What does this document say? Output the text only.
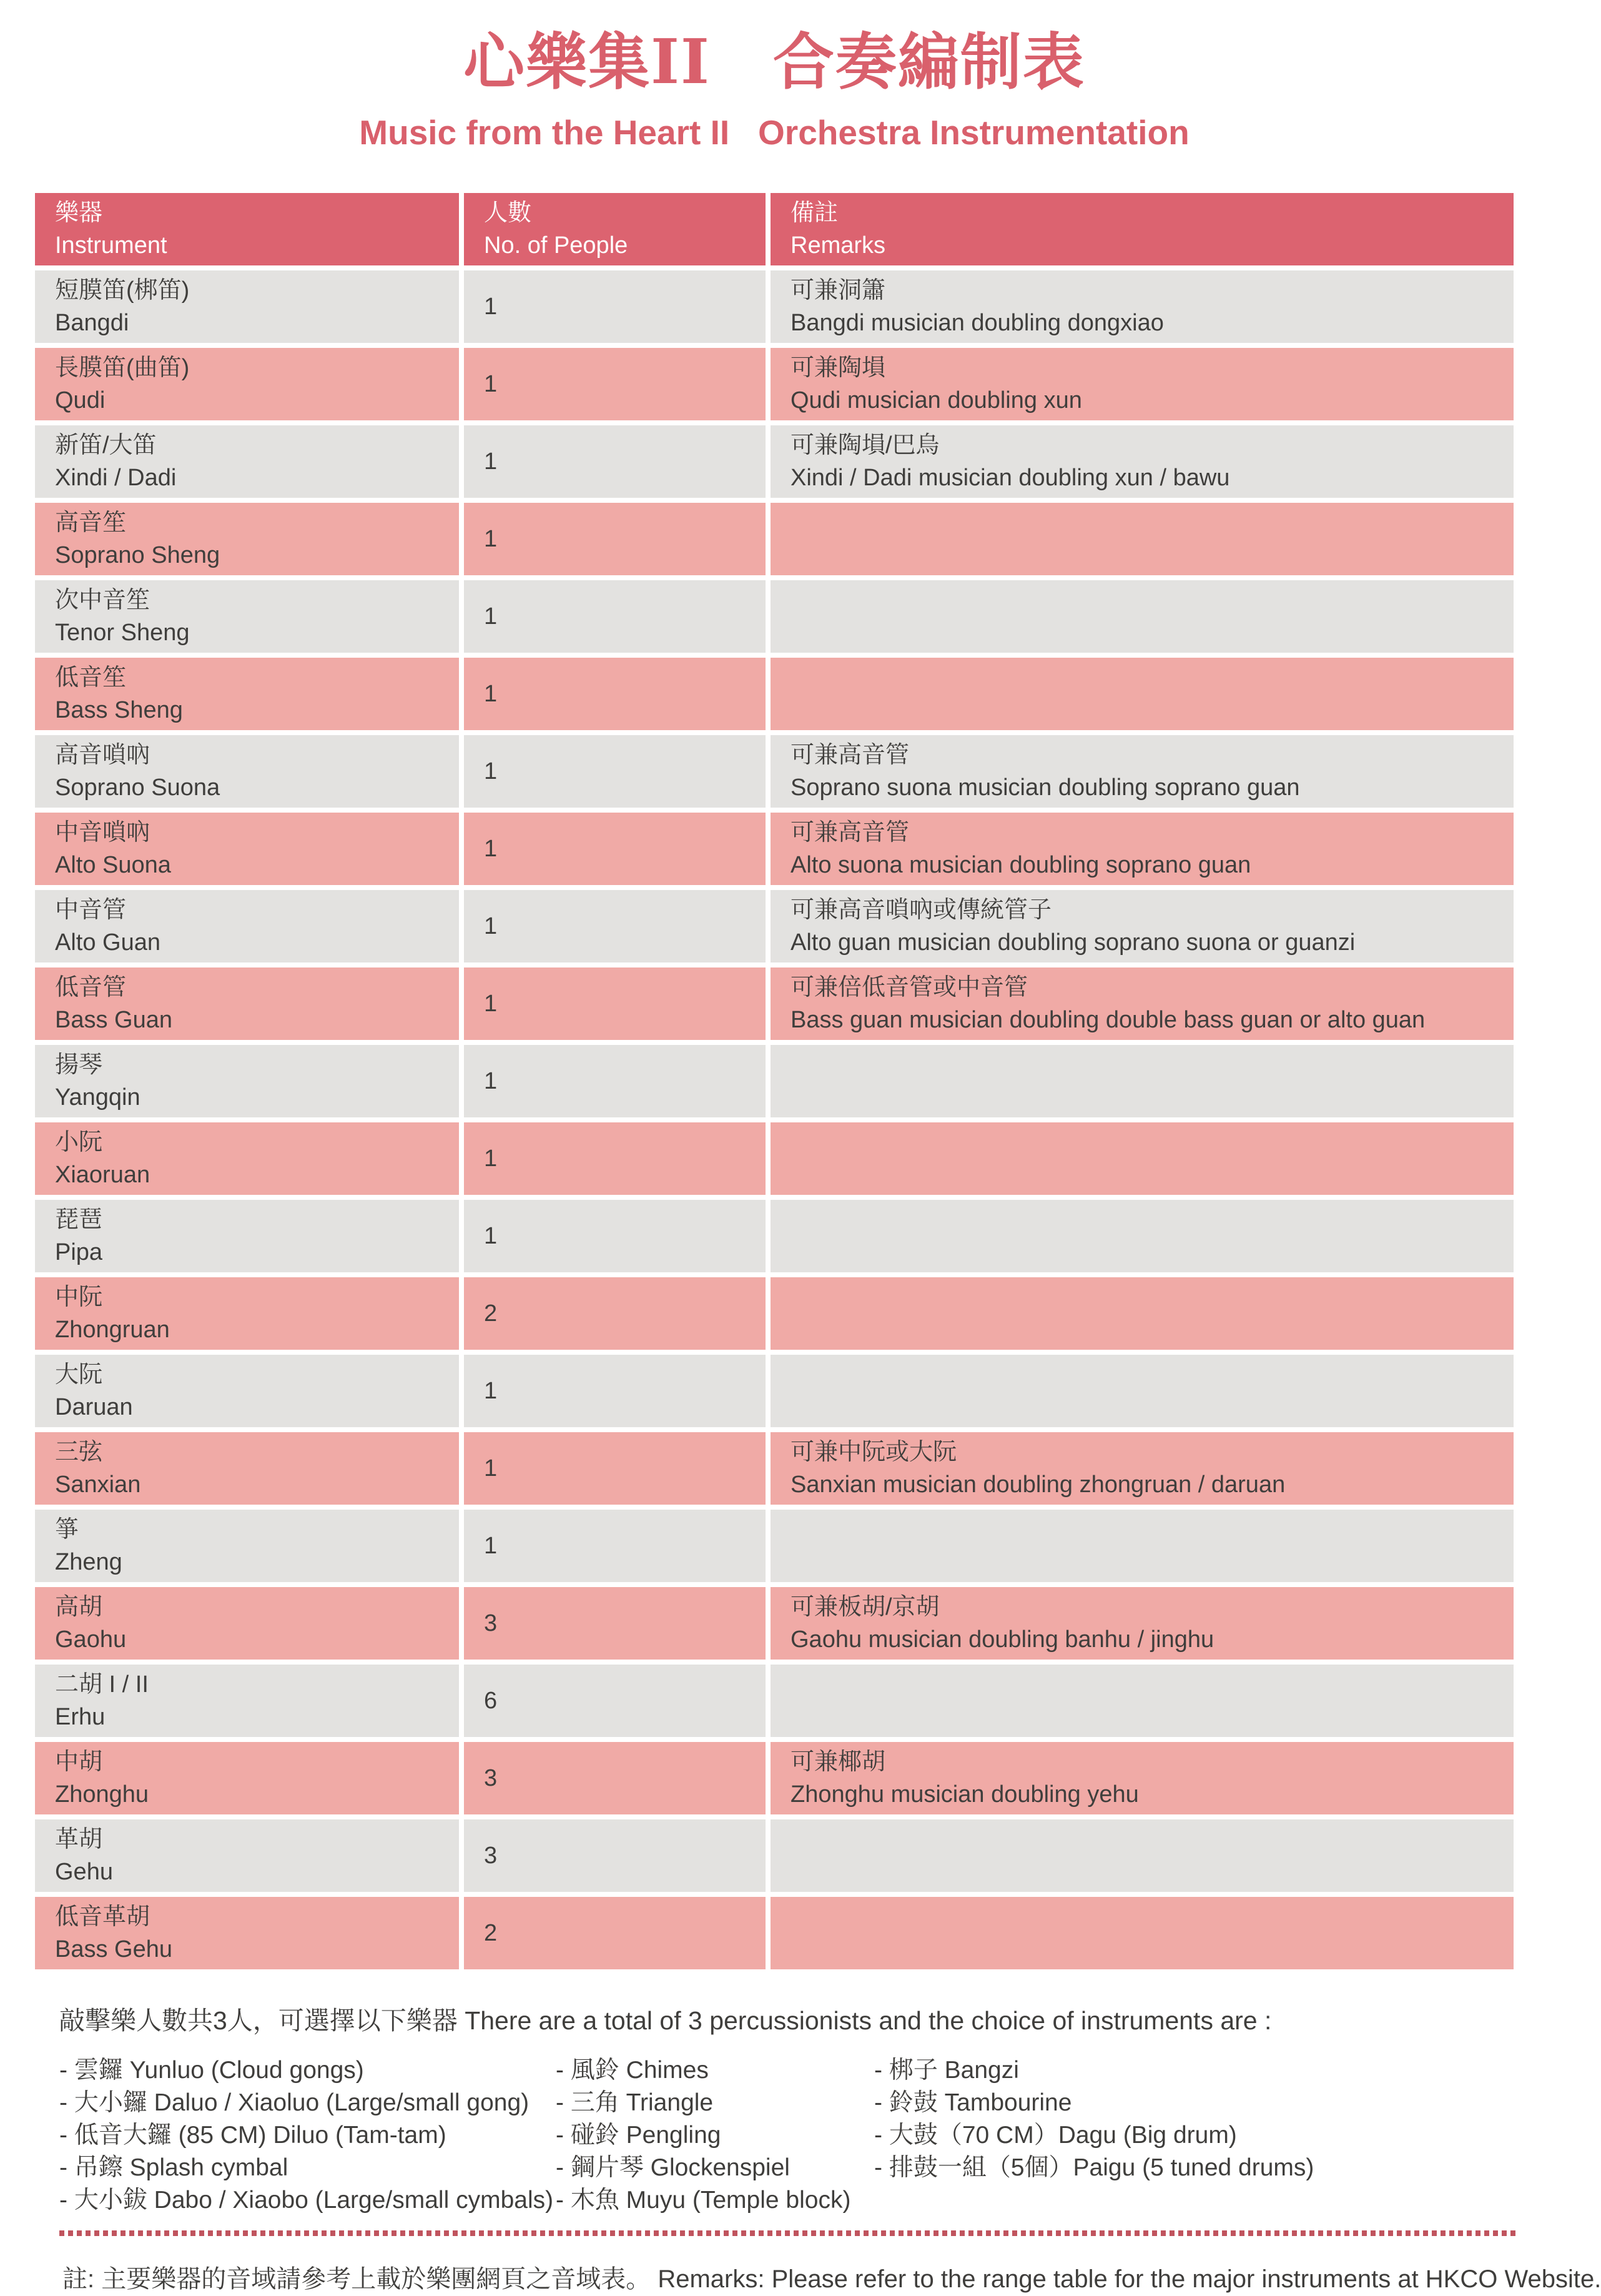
心樂集II　合奏編制表
Music from the Heart II   Orchestra Instrumentation
樂器
Instrument	人數
No. of People	備註
Remarks

短膜笛(梆笛)
Bangdi	1	可兼洞簫
Bangdi musician doubling dongxiao

長膜笛(曲笛)
Qudi	1	可兼陶塤
Qudi musician doubling xun

新笛/大笛
Xindi / Dadi	1	可兼陶塤/巴烏
Xindi / Dadi musician doubling xun / bawu

高音笙
Soprano Sheng	1	

次中音笙
Tenor Sheng	1	

低音笙
Bass Sheng	1	

高音嗩吶
Soprano Suona	1	可兼高音管
Soprano suona musician doubling soprano guan

中音嗩吶
Alto Suona	1	可兼高音管
Alto suona musician doubling soprano guan

中音管
Alto Guan	1	可兼高音嗩吶或傳統管子
Alto guan musician doubling soprano suona or guanzi

低音管
Bass Guan	1	可兼倍低音管或中音管
Bass guan musician doubling double bass guan or alto guan

揚琴
Yangqin	1	

小阮
Xiaoruan	1	

琵琶
Pipa	1	

中阮
Zhongruan	2	

大阮
Daruan	1	

三弦
Sanxian	1	可兼中阮或大阮
Sanxian musician doubling zhongruan / daruan

箏
Zheng	1	

高胡
Gaohu	3	可兼板胡/京胡
Gaohu musician doubling banhu / jinghu

二胡 I / II
Erhu	6	

中胡
Zhonghu	3	可兼椰胡
Zhonghu musician doubling yehu

革胡
Gehu	3	

低音革胡
Bass Gehu	2	
敲擊樂人數共3人，可選擇以下樂器 There are a total of 3 percussionists and the choice of instruments are :
- 雲鑼 Yunluo (Cloud gongs)
- 大小鑼 Daluo / Xiaoluo (Large/small gong)
- 低音大鑼 (85 CM) Diluo (Tam-tam)
- 吊鑔 Splash cymbal
- 大小鈸 Dabo / Xiaobo (Large/small cymbals)
- 風鈴 Chimes
- 三角 Triangle
- 碰鈴 Pengling
- 鋼片琴 Glockenspiel
- 木魚 Muyu (Temple block)
- 梆子 Bangzi
- 鈴鼓 Tambourine
- 大鼓（70 CM）Dagu (Big drum)
- 排鼓一組（5個）Paigu (5 tuned drums)
註: 主要樂器的音域請參考上載於樂團網頁之音域表。 Remarks: Please refer to the range table for the major instruments at HKCO Website.
